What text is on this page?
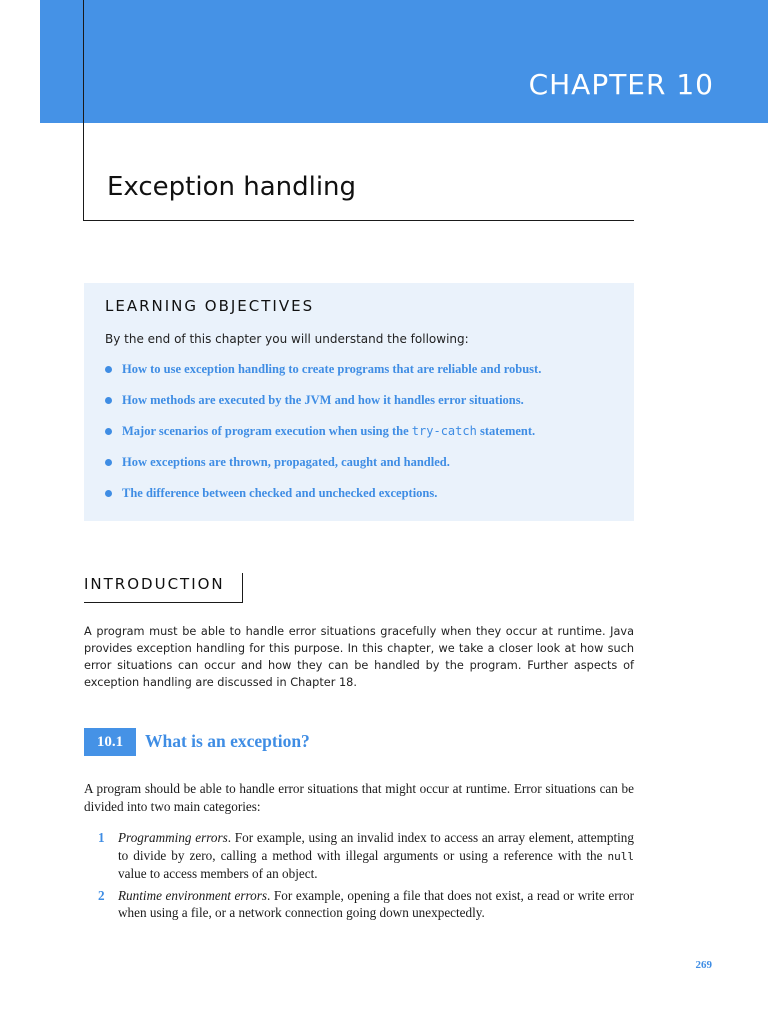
CHAPTER 10
Exception handling
LEARNING OBJECTIVES
By the end of this chapter you will understand the following:
How to use exception handling to create programs that are reliable and robust.
How methods are executed by the JVM and how it handles error situations.
Major scenarios of program execution when using the try-catch statement.
How exceptions are thrown, propagated, caught and handled.
The difference between checked and unchecked exceptions.
INTRODUCTION

A program must be able to handle error situations gracefully when they occur at runtime. Java provides exception handling for this purpose. In this chapter, we take a closer look at how such error situations can occur and how they can be handled by the program. Further aspects of exception handling are discussed in Chapter 18.

10.1	What is an exception?

A program should be able to handle error situations that might occur at runtime. Error situations can be divided into two main categories:

1	Programming errors. For example, using an invalid index to access an array element, attempting to divide by zero, calling a method with illegal arguments or using a reference with the null value to access members of an object.
2	Runtime environment errors. For example, opening a file that does not exist, a read or write error when using a file, or a network connection going down unexpectedly.
269
